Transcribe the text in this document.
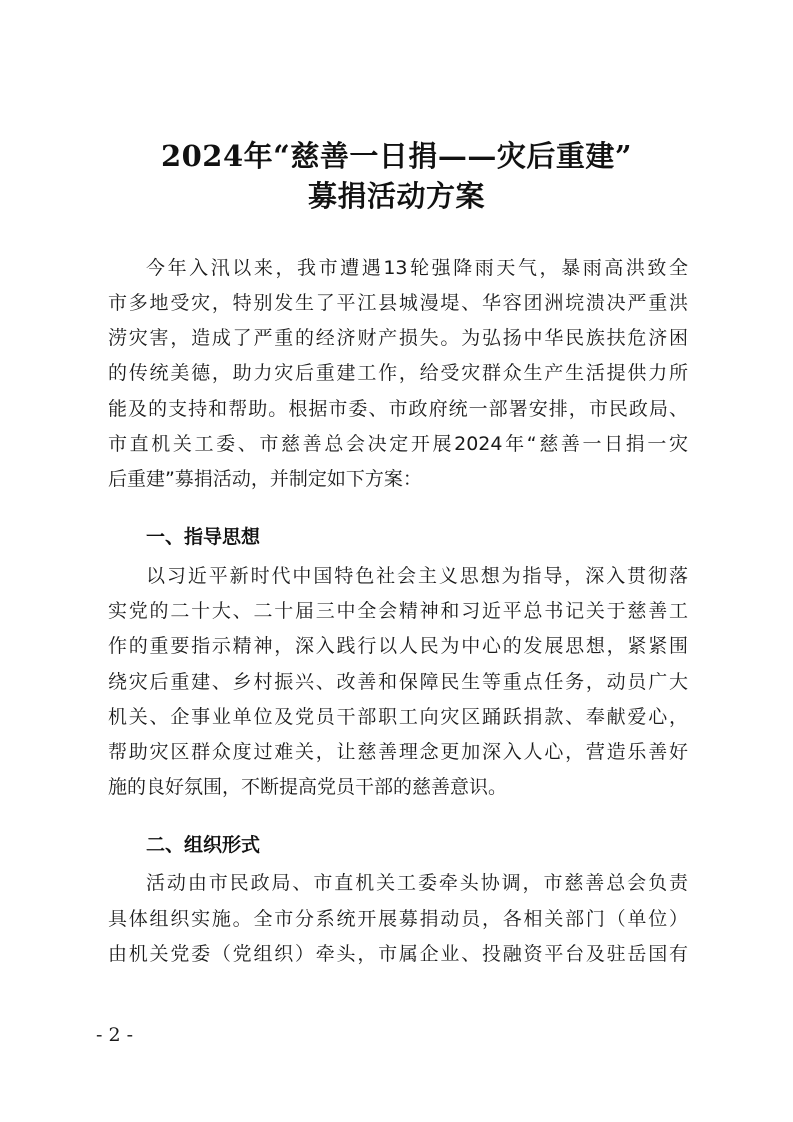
2024年“慈善一日捐——灾后重建”
募捐活动方案
今年入汛以来，我市遭遇13轮强降雨天气，暴雨高洪致全
市多地受灾，特别发生了平江县城漫堤、华容团洲垸溃决严重洪
涝灾害，造成了严重的经济财产损失。为弘扬中华民族扶危济困
的传统美德，助力灾后重建工作，给受灾群众生产生活提供力所
能及的支持和帮助。根据市委、市政府统一部署安排，市民政局、
市直机关工委、市慈善总会决定开展2024年“慈善一日捐一灾
后重建”募捐活动，并制定如下方案：
一、指导思想
以习近平新时代中国特色社会主义思想为指导，深入贯彻落
实党的二十大、二十届三中全会精神和习近平总书记关于慈善工
作的重要指示精神，深入践行以人民为中心的发展思想，紧紧围
绕灾后重建、乡村振兴、改善和保障民生等重点任务，动员广大
机关、企事业单位及党员干部职工向灾区踊跃捐款、奉献爱心，
帮助灾区群众度过难关，让慈善理念更加深入人心，营造乐善好
施的良好氛围，不断提高党员干部的慈善意识。
二、组织形式
活动由市民政局、市直机关工委牵头协调，市慈善总会负责
具体组织实施。全市分系统开展募捐动员，各相关部门（单位）
由机关党委（党组织）牵头，市属企业、投融资平台及驻岳国有
- 2 -
